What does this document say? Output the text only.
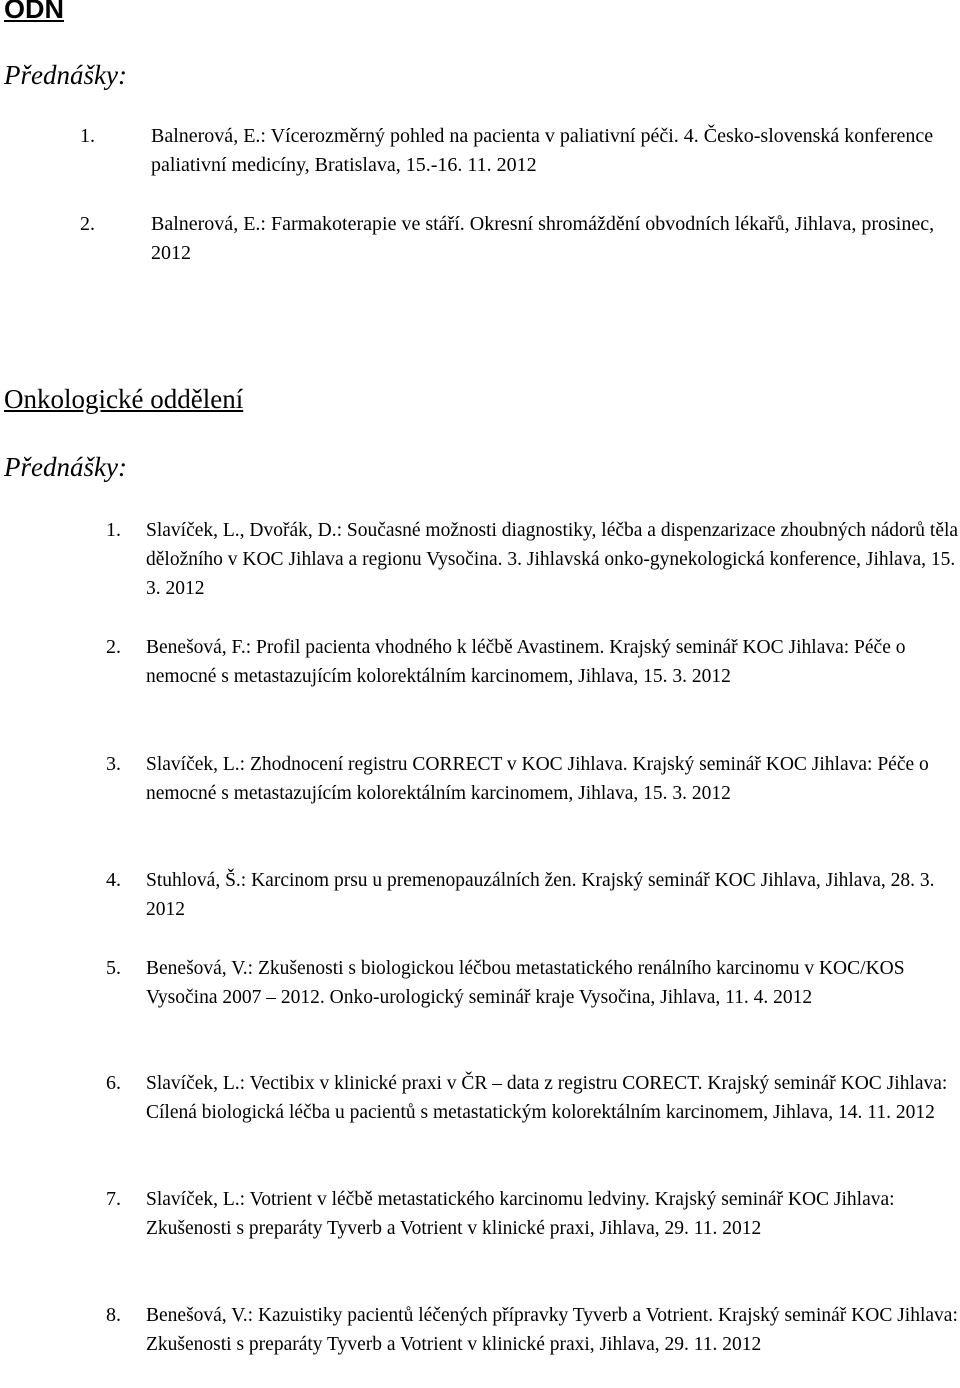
ODN
Přednášky:

1.	Balnerová, E.: Vícerozměrný pohled na pacienta v paliativní péči. 4. Česko-slovenská konference paliativní medicíny, Bratislava, 15.-16. 11. 2012

2.	Balnerová, E.: Farmakoterapie ve stáří. Okresní shromáždění obvodních lékařů, Jihlava, prosinec, 2012

Onkologické oddělení
Přednášky:

1. Slavíček, L., Dvořák, D.: Současné možnosti diagnostiky, léčba a dispenzarizace zhoubných nádorů těla děložního v KOC Jihlava a regionu Vysočina. 3. Jihlavská onko-gynekologická konference, Jihlava, 15. 3. 2012

2. Benešová, F.: Profil pacienta vhodného k léčbě Avastinem. Krajský seminář KOC Jihlava: Péče o nemocné s metastazujícím kolorektálním karcinomem, Jihlava, 15. 3. 2012

3. Slavíček, L.: Zhodnocení registru CORRECT v KOC Jihlava. Krajský seminář KOC Jihlava: Péče o nemocné s metastazujícím kolorektálním karcinomem, Jihlava, 15. 3. 2012

4. Stuhlová, Š.: Karcinom prsu u premenopauzálních žen. Krajský seminář KOC Jihlava, Jihlava, 28. 3. 2012

5. Benešová, V.: Zkušenosti s biologickou léčbou metastatického renálního karcinomu v KOC/KOS Vysočina 2007 – 2012. Onko-urologický seminář kraje Vysočina, Jihlava, 11. 4. 2012

6. Slavíček, L.: Vectibix v klinické praxi v ČR – data z registru CORECT. Krajský seminář KOC Jihlava: Cílená biologická léčba u pacientů s metastatickým kolorektálním karcinomem, Jihlava, 14. 11. 2012

7. Slavíček, L.: Votrient v léčbě metastatického karcinomu ledviny. Krajský seminář KOC Jihlava: Zkušenosti s preparáty Tyverb a Votrient v klinické praxi, Jihlava, 29. 11. 2012

8. Benešová, V.: Kazuistiky pacientů léčených přípravky Tyverb a Votrient. Krajský seminář KOC Jihlava: Zkušenosti s preparáty Tyverb a Votrient v klinické praxi, Jihlava, 29. 11. 2012
